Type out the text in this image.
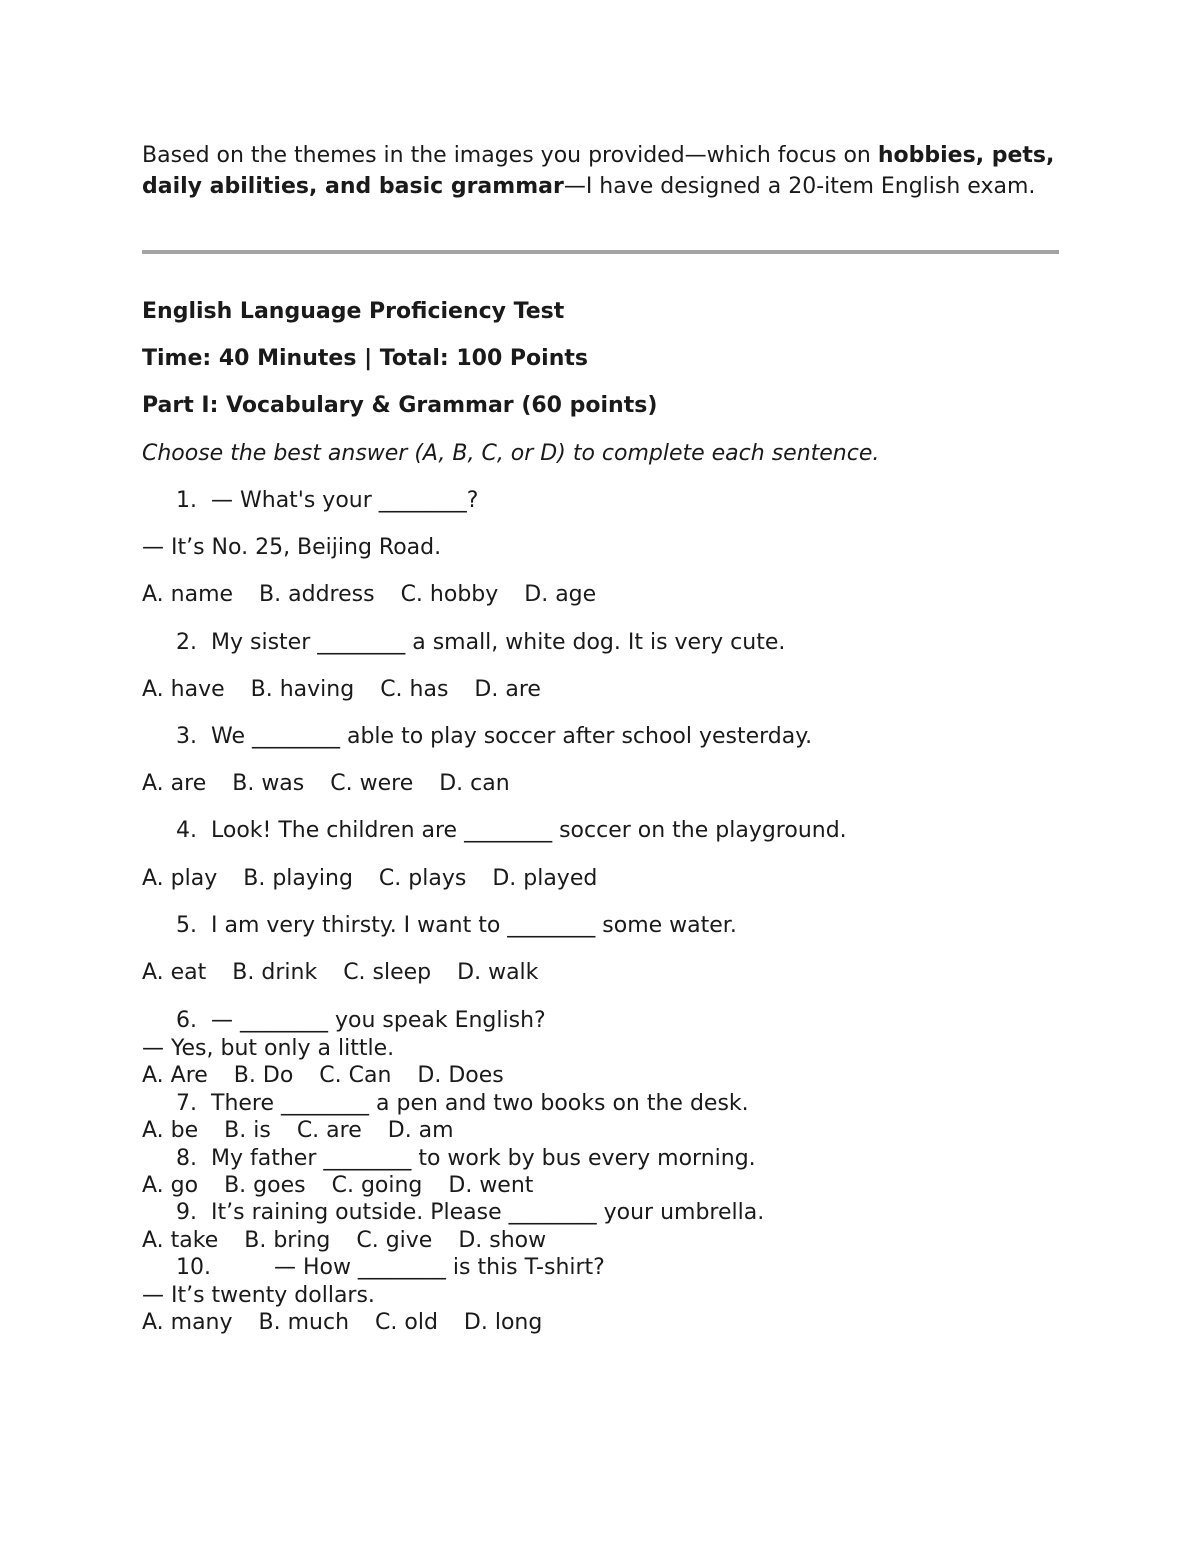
Based on the themes in the images you provided—which focus on hobbies, pets, daily abilities, and basic grammar—I have designed a 20-item English exam.

English Language Proficiency Test

Time: 40 Minutes | Total: 100 Points

Part I: Vocabulary & Grammar (60 points)

Choose the best answer (A, B, C, or D) to complete each sentence.

1. — What's your ________?

— It’s No. 25, Beijing Road.

A. name B. address C. hobby D. age

2. My sister ________ a small, white dog. It is very cute.

A. have B. having C. has D. are

3. We ________ able to play soccer after school yesterday.

A. are B. was C. were D. can

4. Look! The children are ________ soccer on the playground.

A. play B. playing C. plays D. played

5. I am very thirsty. I want to ________ some water.

A. eat B. drink C. sleep D. walk

6. — ________ you speak English?

— Yes, but only a little.

A. Are B. Do C. Can D. Does

7. There ________ a pen and two books on the desk.

A. be B. is C. are D. am

8. My father ________ to work by bus every morning.

A. go B. goes C. going D. went

9. It’s raining outside. Please ________ your umbrella.

A. take B. bring C. give D. show

10.	— How ________ is this T-shirt?

— It’s twenty dollars.

A. many B. much C. old D. long
